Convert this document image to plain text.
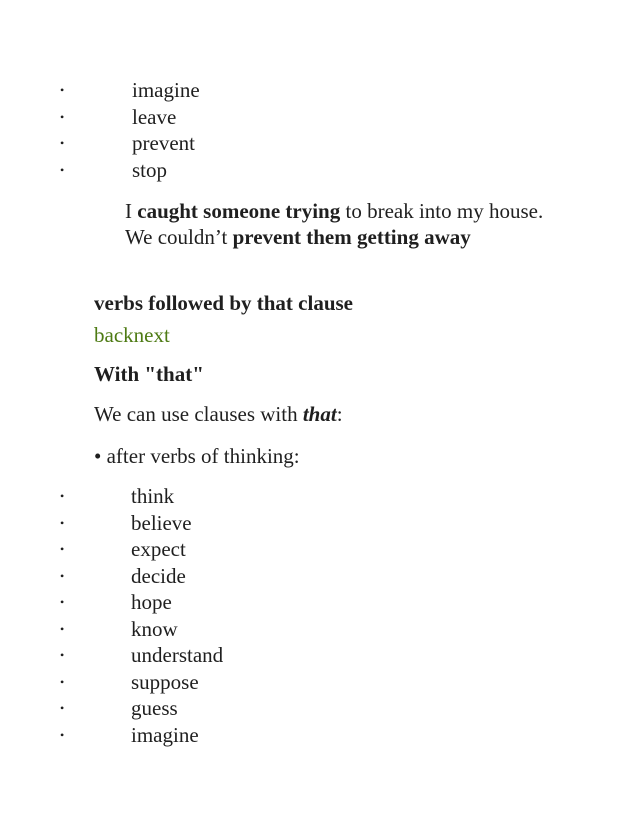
•	imagine
•	leave
•	prevent
•	stop

I caught someone trying to break into my house.

We couldn’t prevent them getting away

verbs followed by that clause

backnext

With "that"

We can use clauses with that:

• after verbs of thinking:

•	think
•	believe
•	expect
•	decide
•	hope
•	know
•	understand
•	suppose
•	guess
•	imagine
